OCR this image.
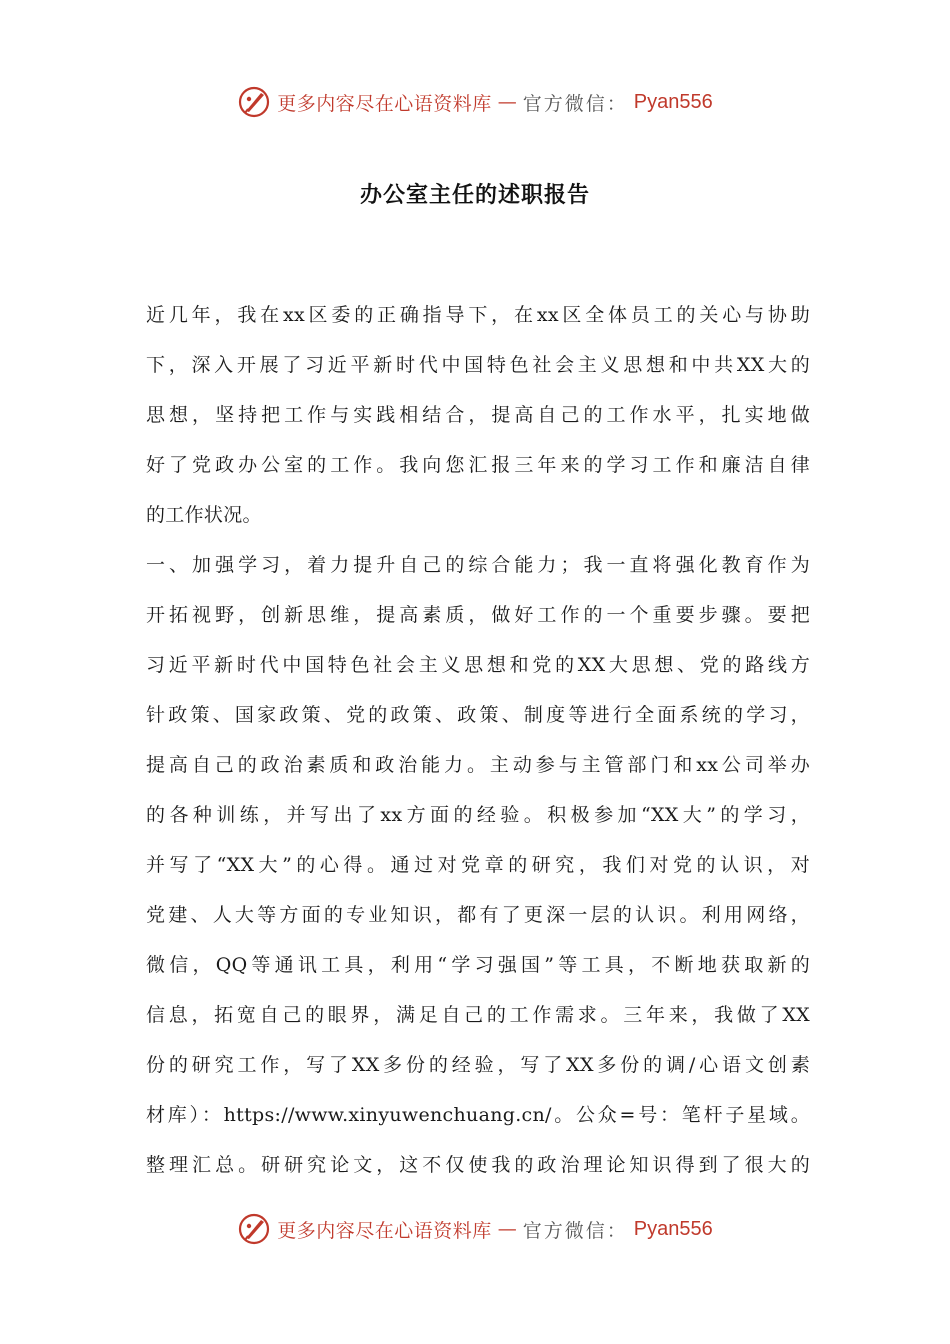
更多内容尽在心语资料库 — 官方微信： Pyan556
办公室主任的述职报告
近几年，我在xx区委的正确指导下，在xx区全体员工的关心与协助
下，深入开展了习近平新时代中国特色社会主义思想和中共XX大的
思想，坚持把工作与实践相结合，提高自己的工作水平，扎实地做
好了党政办公室的工作。我向您汇报三年来的学习工作和廉洁自律
的工作状况。
一、加强学习，着力提升自己的综合能力；我一直将强化教育作为
开拓视野，创新思维，提高素质，做好工作的一个重要步骤。要把
习近平新时代中国特色社会主义思想和党的XX大思想、党的路线方
针政策、国家政策、党的政策、政策、制度等进行全面系统的学习，
提高自己的政治素质和政治能力。主动参与主管部门和xx公司举办
的各种训练，并写出了xx方面的经验。积极参加“XX大”的学习，
并写了“XX大”的心得。通过对党章的研究，我们对党的认识，对
党建、人大等方面的专业知识，都有了更深一层的认识。利用网络，
微信，QQ等通讯工具，利用“学习强国”等工具，不断地获取新的
信息，拓宽自己的眼界，满足自己的工作需求。三年来，我做了XX
份的研究工作，写了XX多份的经验，写了XX多份的调/心语文创素
材库）：https://www.xinyuwenchuang.cn/。公众=号：笔杆子星域。
整理汇总。研研究论文，这不仅使我的政治理论知识得到了很大的
更多内容尽在心语资料库 — 官方微信： Pyan556
